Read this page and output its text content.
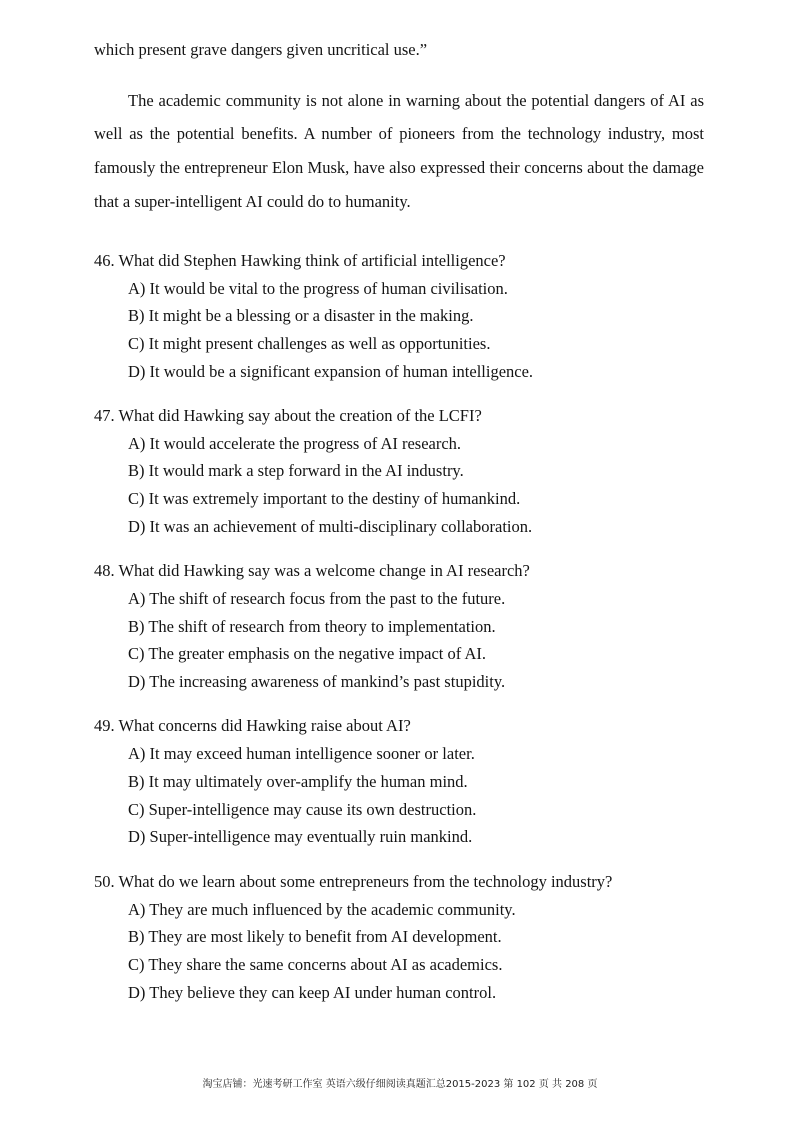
which present grave dangers given uncritical use.”
The academic community is not alone in warning about the potential dangers of AI as
well as the potential benefits. A number of pioneers from the technology industry, most
famously the entrepreneur Elon Musk, have also expressed their concerns about the damage
that a super-intelligent AI could do to humanity.
46. What did Stephen Hawking think of artificial intelligence?
A) It would be vital to the progress of human civilisation.
B) It might be a blessing or a disaster in the making.
C) It might present challenges as well as opportunities.
D) It would be a significant expansion of human intelligence.
47. What did Hawking say about the creation of the LCFI?
A) It would accelerate the progress of AI research.
B) It would mark a step forward in the AI industry.
C) It was extremely important to the destiny of humankind.
D) It was an achievement of multi-disciplinary collaboration.
48. What did Hawking say was a welcome change in AI research?
A) The shift of research focus from the past to the future.
B) The shift of research from theory to implementation.
C) The greater emphasis on the negative impact of AI.
D) The increasing awareness of mankind’s past stupidity.
49. What concerns did Hawking raise about AI?
A) It may exceed human intelligence sooner or later.
B) It may ultimately over-amplify the human mind.
C) Super-intelligence may cause its own destruction.
D) Super-intelligence may eventually ruin mankind.
50. What do we learn about some entrepreneurs from the technology industry?
A) They are much influenced by the academic community.
B) They are most likely to benefit from AI development.
C) They share the same concerns about AI as academics.
D) They believe they can keep AI under human control.
淘宝店铺：光速考研工作室 英语六级仔细阅读真题汇总2015-2023 第 102 页 共 208 页
